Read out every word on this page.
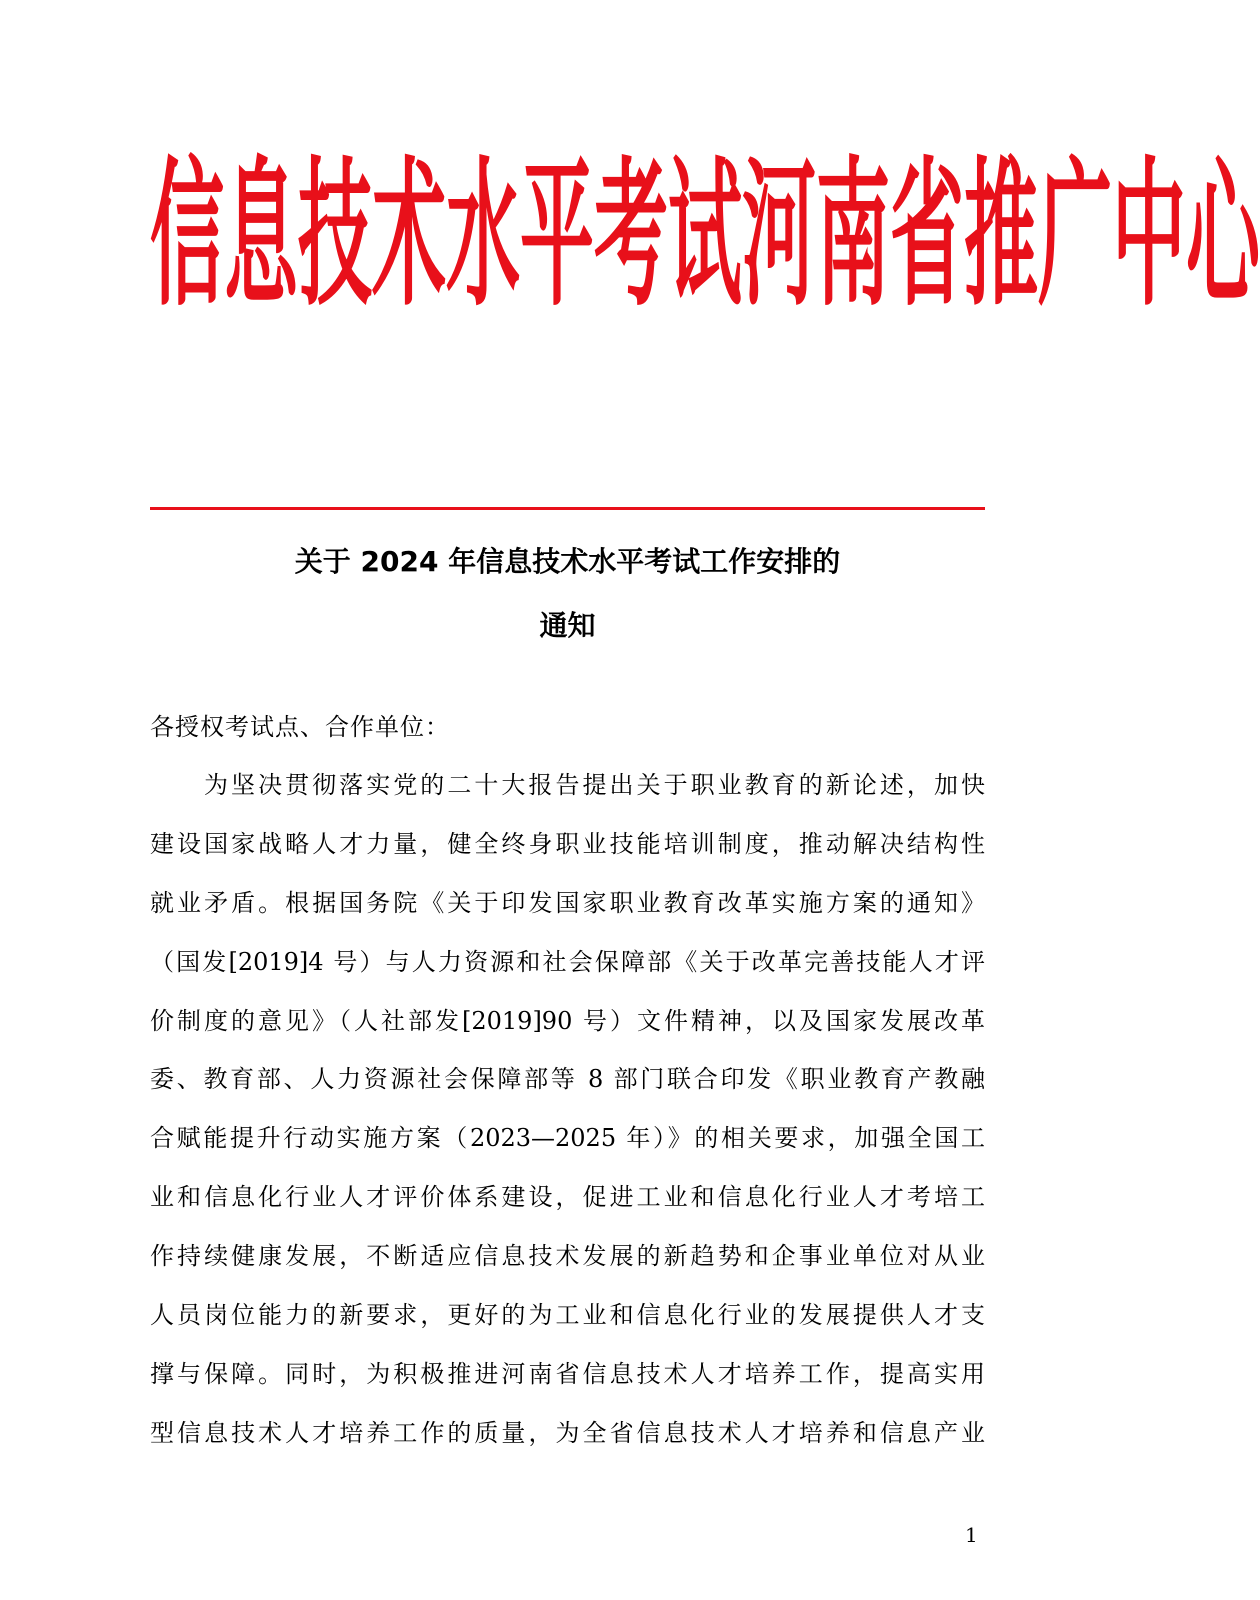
信 息 技 术 水 平 考 试 河 南 省 推 广 中 心
关于 2024 年信息技术水平考试工作安排的
通知
各授权考试点、合作单位：
为坚决贯彻落实党的二十大报告提出关于职业教育的新论述，加快
建设国家战略人才力量，健全终身职业技能培训制度，推动解决结构性
就业矛盾。根据国务院《关于印发国家职业教育改革实施方案的通知》
（国发[2019]4 号）与人力资源和社会保障部《关于改革完善技能人才评
价制度的意见》（人社部发[2019]90 号）文件精神，以及国家发展改革
委、教育部、人力资源社会保障部等 8 部门联合印发《职业教育产教融
合赋能提升行动实施方案（2023—2025 年）》的相关要求，加强全国工
业和信息化行业人才评价体系建设，促进工业和信息化行业人才考培工
作持续健康发展，不断适应信息技术发展的新趋势和企事业单位对从业
人员岗位能力的新要求，更好的为工业和信息化行业的发展提供人才支
撑与保障。同时，为积极推进河南省信息技术人才培养工作，提高实用
型信息技术人才培养工作的质量，为全省信息技术人才培养和信息产业
1
